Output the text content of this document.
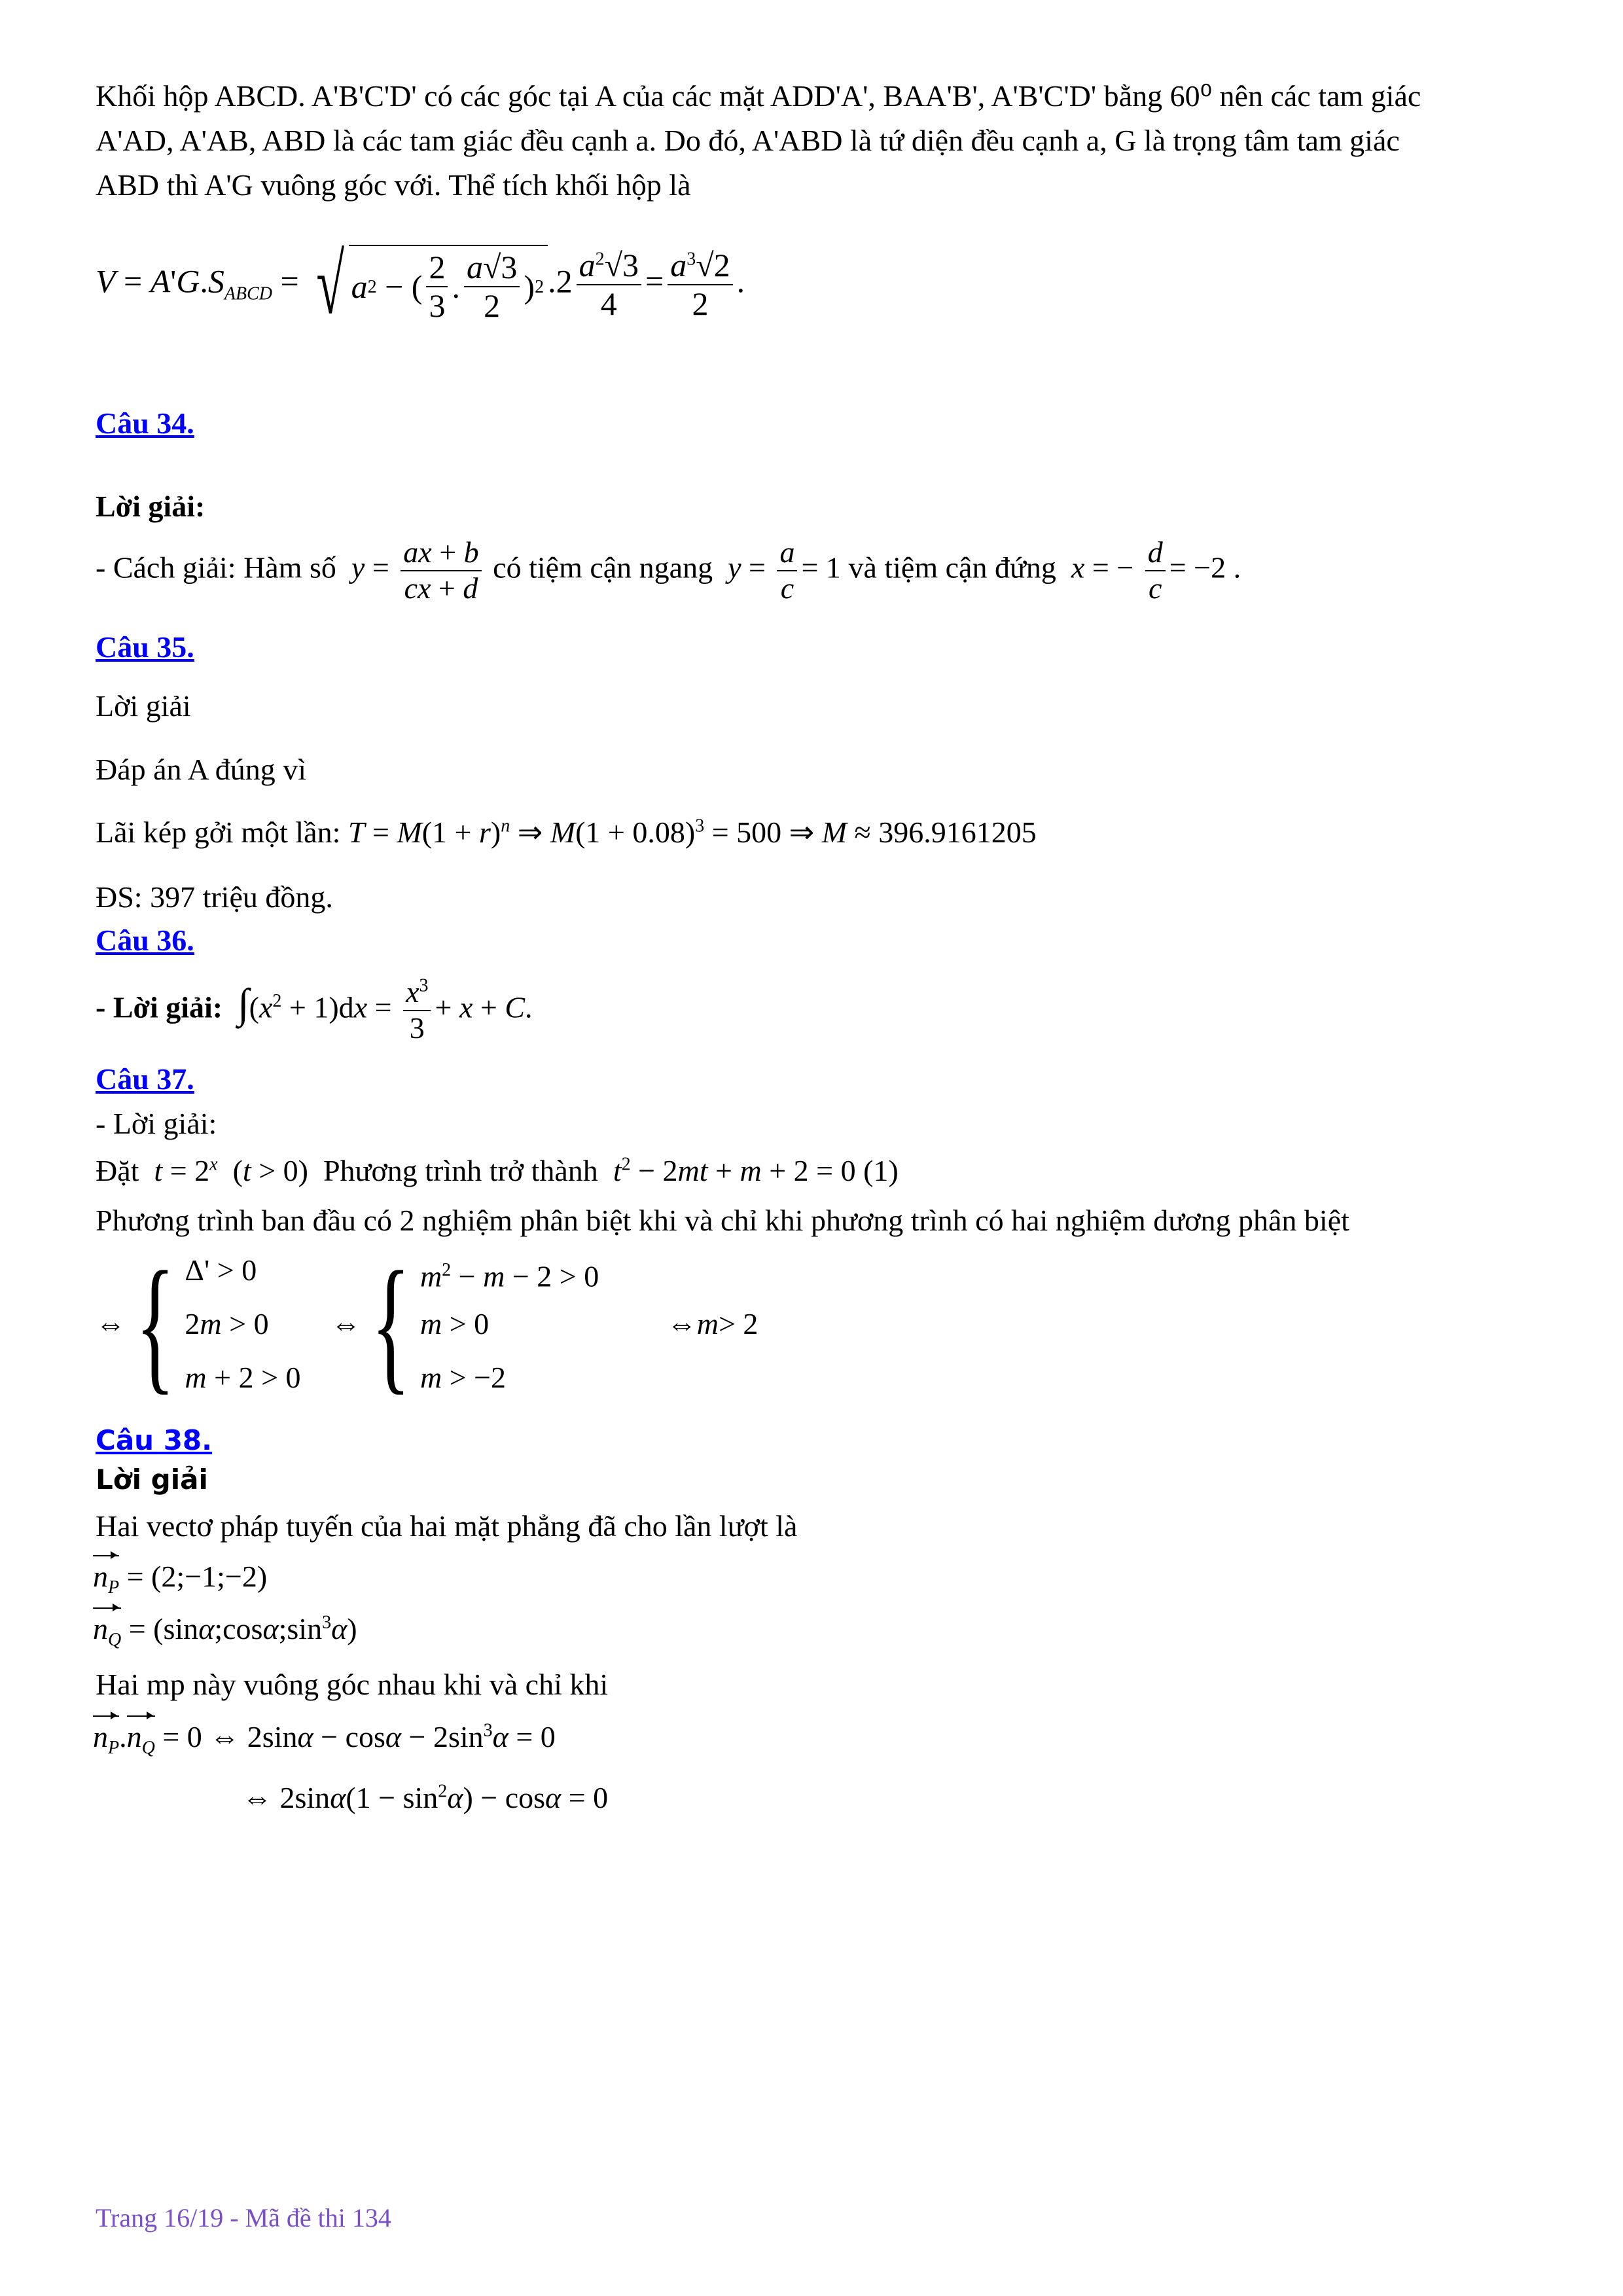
Khối hộp ABCD. A'B'C'D' có các góc tại A của các mặt ADD'A', BAA'B', A'B'C'D' bằng 60⁰ nên các tam giác
A'AD, A'AB, ABD là các tam giác đều cạnh a. Do đó, A'ABD là tứ diện đều cạnh a, G là trọng tâm tam giác
ABD thì A'G vuông góc với. Thể tích khối hộp là
$V = A'G.S_{ABCD}$ = √ a 2 − ( $\frac{2}{3}$ . $\frac{a√3}{2}$ ) 2 $.2 \frac{a^2√3}{4} = \frac{a^3√2}{2}$ .
Câu 34.
Lời giải:
- Cách giải: Hàm số $y = \frac{ax + b}{cx + d}$ có tiệm cận ngang $y = \frac{a}{c} = 1$ và tiệm cận đứng x = − $\frac{d}{c} = -2$ .
Câu 35.
Lời giải
Đáp án A đúng vì
Lãi kép gởi một lần: $T = M(1 + r)^n$ ⇒ $M(1 + 0.08)^3 = 500$ ⇒ M ≈ 396.9161205
ĐS: 397 triệu đồng.
Câu 36.
- Lời giải: $\int(x^2 + 1)dx = \frac{x^3}{3} + x + C$.
Câu 37.
- Lời giải:
Đặt $t = 2^x$  (t > 0)  Phương trình trở thành $t^2 - 2mt + m + 2 = 0$ (1)
Phương trình ban đầu có 2 nghiệm phân biệt khi và chỉ khi phương trình có hai nghiệm dương phân biệt
⇔ { Δ' > 0
2m > 0
m + 2 > 0
⇔ { $m^2 - m - 2 > 0$
m > 0
m > −2
⇔ m > 2
Câu 38.
Lời giải
Hai vectơ pháp tuyến của hai mặt phẳng đã cho lần lượt là
$n_P$ = (2;−1;−2)
$n_Q$ = $(\sin\alpha;\cos\alpha;\sin^3\alpha)$
Hai mp này vuông góc nhau khi và chỉ khi
$n_P.n_Q = 0$ ⇔ $2\sin\alpha - \cos\alpha - 2\sin^3\alpha = 0$
⇔ $2\sin\alpha(1 - \sin^2\alpha) - \cos\alpha = 0$
Trang 16/19 - Mã đề thi 134
